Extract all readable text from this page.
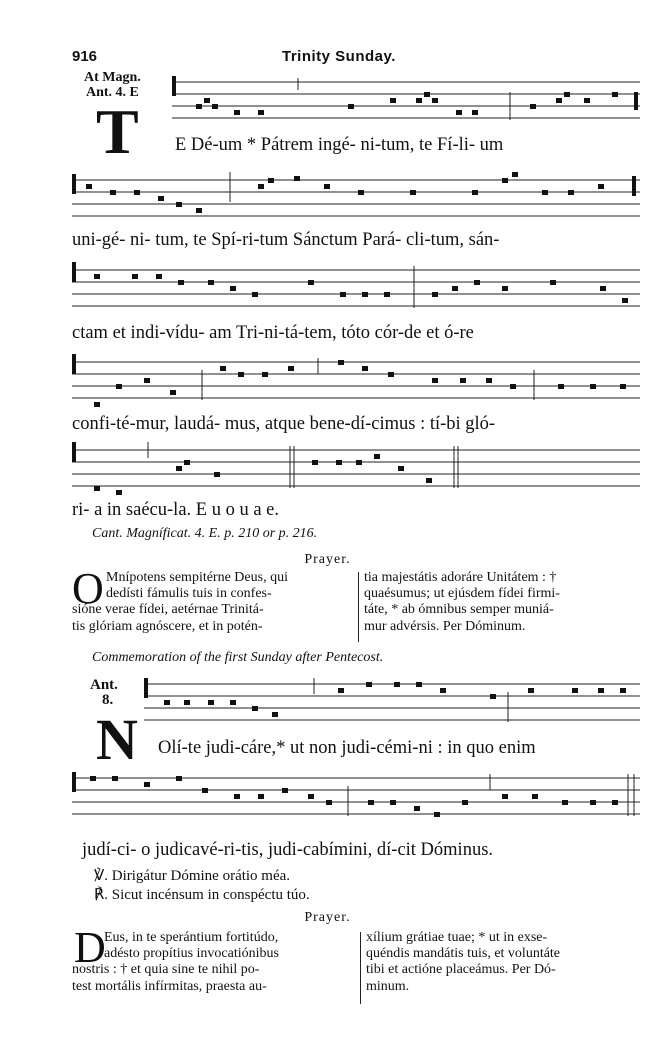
916	Trinity Sunday.
At Magn.
Ant. 4. E
T E Dé-um * Pátrem ingé- ni-tum, te Fí-li- um
uni-gé- ni- tum, te Spí-ri-tum Sánctum Pará- cli-tum, sán-
ctam et indi-vídu- am Tri-ni-tá-tem, tóto cór-de et ó-re
confi-té-mur, laudá- mus, atque bene-dí-cimus : tí-bi gló-
ri- a in saécu-la. E u o u a e.
Cant. Magníficat. 4. E. p. 210 or p. 216.
Prayer.
O Mnípotens sempitérne Deus, qui
dedísti fámulis tuis in confes-
sióne verae fídei, aetérnae Trinitá-
tis glóriam agnóscere, et in potén-
tia majestátis adoráre Unitátem : †
quaésumus; ut ejúsdem fídei firmi-
táte, * ab ómnibus semper muniá-
mur advérsis. Per Dóminum.
Commemoration of the first Sunday after Pentecost.
Ant.
8.
N Olí-te judi-cáre,* ut non judi-cémi-ni : in quo enim
judí-ci- o judicavé-ri-tis, judi-cabímini, dí-cit Dóminus.
℣. Dirigátur Dómine orátio méa.
℟. Sicut incénsum in conspéctu túo.
Prayer.
D
Eus, in te sperántium fortitúdo,
adésto propítius invocatiónibus
nostris : † et quia sine te nihil po-
test mortális infírmitas, praesta au-
xílium grátiae tuae; * ut in exse-
quéndis mandátis tuis, et voluntáte
tibi et actióne placeámus. Per Dó-
minum.
